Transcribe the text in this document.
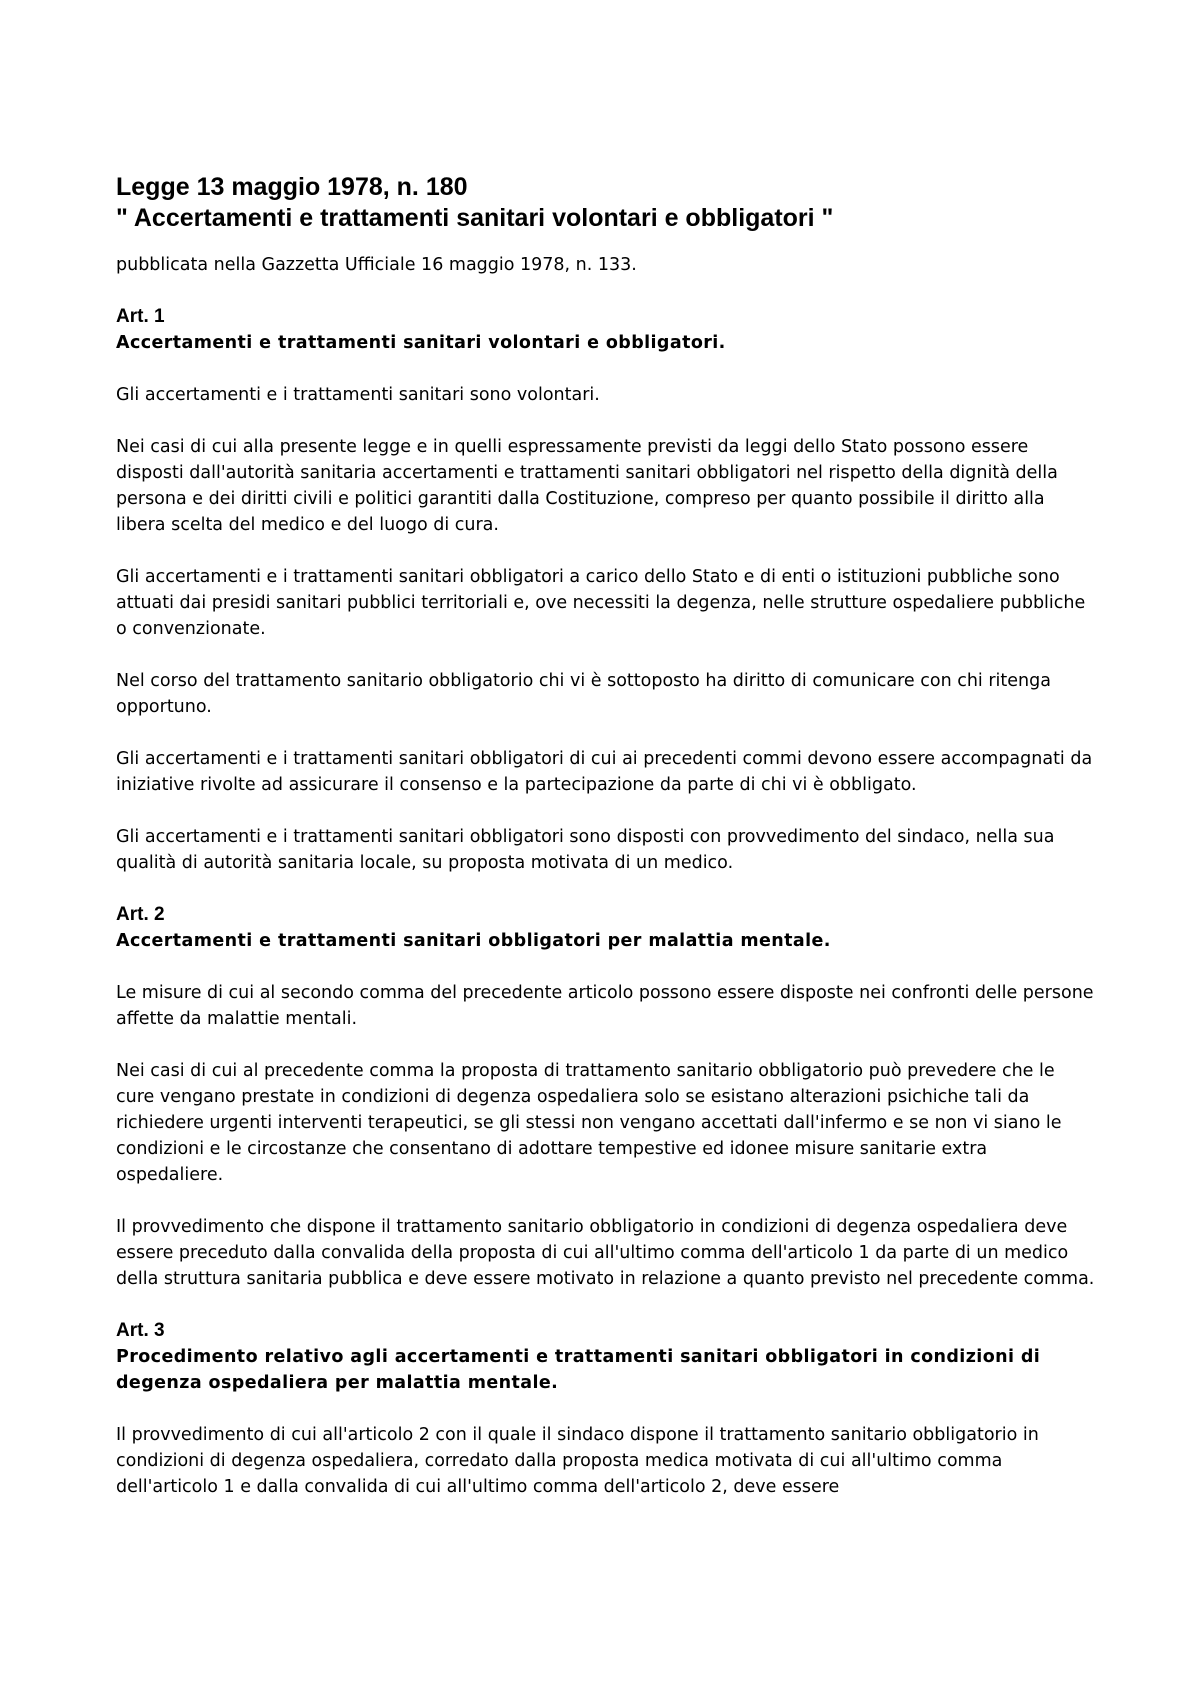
Legge 13 maggio 1978, n. 180
" Accertamenti e trattamenti sanitari volontari e obbligatori "

pubblicata nella Gazzetta Ufficiale 16 maggio 1978, n. 133.

Art. 1
Accertamenti e trattamenti sanitari volontari e obbligatori.

Gli accertamenti e i trattamenti sanitari sono volontari.

Nei casi di cui alla presente legge e in quelli espressamente previsti da leggi dello Stato possono essere disposti dall'autorità sanitaria accertamenti e trattamenti sanitari obbligatori nel rispetto della dignità della persona e dei diritti civili e politici garantiti dalla Costituzione, compreso per quanto possibile il diritto alla libera scelta del medico e del luogo di cura.

Gli accertamenti e i trattamenti sanitari obbligatori a carico dello Stato e di enti o istituzioni pubbliche sono attuati dai presidi sanitari pubblici territoriali e, ove necessiti la degenza, nelle strutture ospedaliere pubbliche o convenzionate.

Nel corso del trattamento sanitario obbligatorio chi vi è sottoposto ha diritto di comunicare con chi ritenga opportuno.

Gli accertamenti e i trattamenti sanitari obbligatori di cui ai precedenti commi devono essere accompagnati da iniziative rivolte ad assicurare il consenso e la partecipazione da parte di chi vi è obbligato.

Gli accertamenti e i trattamenti sanitari obbligatori sono disposti con provvedimento del sindaco, nella sua qualità di autorità sanitaria locale, su proposta motivata di un medico.

Art. 2
Accertamenti e trattamenti sanitari obbligatori per malattia mentale.

Le misure di cui al secondo comma del precedente articolo possono essere disposte nei confronti delle persone affette da malattie mentali.

Nei casi di cui al precedente comma la proposta di trattamento sanitario obbligatorio può prevedere che le cure vengano prestate in condizioni di degenza ospedaliera solo se esistano alterazioni psichiche tali da richiedere urgenti interventi terapeutici, se gli stessi non vengano accettati dall'infermo e se non vi siano le condizioni e le circostanze che consentano di adottare tempestive ed idonee misure sanitarie extra ospedaliere.

Il provvedimento che dispone il trattamento sanitario obbligatorio in condizioni di degenza ospedaliera deve essere preceduto dalla convalida della proposta di cui all'ultimo comma dell'articolo 1 da parte di un medico della struttura sanitaria pubblica e deve essere motivato in relazione a quanto previsto nel precedente comma.

Art. 3
Procedimento relativo agli accertamenti e trattamenti sanitari obbligatori in condizioni di degenza ospedaliera per malattia mentale.

Il provvedimento di cui all'articolo 2 con il quale il sindaco dispone il trattamento sanitario obbligatorio in condizioni di degenza ospedaliera, corredato dalla proposta medica motivata di cui all'ultimo comma dell'articolo 1 e dalla convalida di cui all'ultimo comma dell'articolo 2, deve essere
